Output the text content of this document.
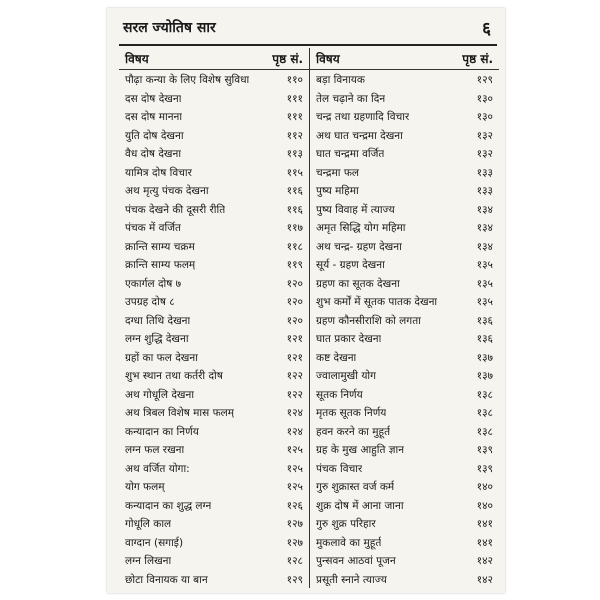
सरल ज्योतिष सार	६
विषय	पृष्ठ सं.
पौढ़ा कन्या के लिए विशेष सुविधा	११०
दस दोष देखना	१११
दस दोष मानना	१११
युति दोष देखना	११२
वैध दोष देखना	११३
यामित्र दोष विचार	११५
अथ मृत्यु पंचक देखना	११६
पंचक देखने की दूसरी रीति	११६
पंचक में वर्जित	११७
क्रान्ति साम्य चक्रम	११८
क्रान्ति साम्य फलम्	११९
एकार्गल दोष ७	१२०
उपग्रह दोष ८	१२०
दग्धा तिथि देखना	१२०
लग्न शुद्धि देखना	१२१
ग्रहों का फल देखना	१२१
शुभ स्थान तथा कर्तरी दोष	१२२
अथ गोधूलि देखना	१२२
अथ त्रिबल विशेष मास फलम्	१२४
कन्यादान का निर्णय	१२४
लग्न फल रखना	१२५
अथ वर्जित योगा:	१२५
योग फलम्	१२५
कन्यादान का शुद्ध लग्न	१२६
गोधूलि काल	१२७
वाग्दान (सगाई)	१२७
लग्न लिखना	१२८
छोटा विनायक या बान	१२९
विषय	पृष्ठ सं.
बड़ा विनायक	१२९
तेल चढ़ाने का दिन	१३०
चन्द्र तथा ग्रहणादि विचार	१३०
अथ घात चन्द्रमा देखना	१३२
घात चन्द्रमा वर्जित	१३२
चन्द्रमा फल	१३३
पुष्य महिमा	१३३
पुष्य विवाह में त्याज्य	१३४
अमृत सिद्धि योग महिमा	१३४
अथ चन्द्र- ग्रहण देखना	१३४
सूर्य - ग्रहण देखना	१३५
ग्रहण का सूतक देखना	१३५
शुभ कर्मों में सूतक पातक देखना	१३५
ग्रहण कौनसीराशि को लगता	१३६
घात प्रकार देखना	१३६
कष्ट देखना	१३७
ज्वालामुखी योग	१३७
सूतक निर्णय	१३८
मृतक सूतक निर्णय	१३८
हवन करने का मुहूर्त	१३८
ग्रह के मुख आहुति ज्ञान	१३९
पंचक विचार	१३९
गुरु शुक्रास्त वर्ज कर्म	१४०
शुक्र दोष में आना जाना	१४०
गुरु शुक्र परिहार	१४१
मुकलावे का मुहूर्त	१४१
पुन्सवन आठवां पूजन	१४२
प्रसूती स्नाने त्याज्य	१४२
